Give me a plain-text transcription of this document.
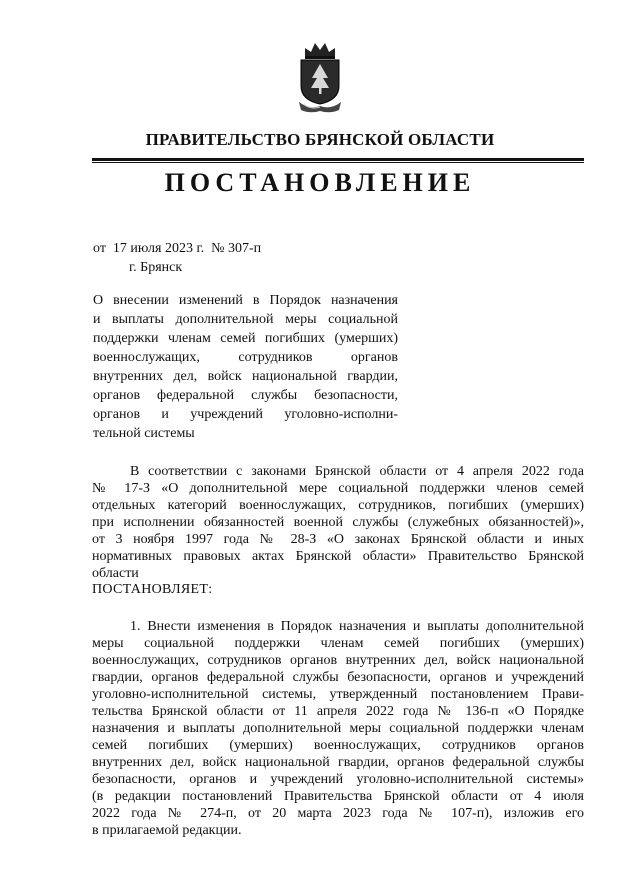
ПРАВИТЕЛЬСТВО БРЯНСКОЙ ОБЛАСТИ
ПОСТАНОВЛЕНИЕ
от  17 июля 2023 г.  № 307-п
г. Брянск
О внесении изменений в Порядок назначения
и выплаты дополнительной меры социальной
поддержки членам семей погибших (умерших)
военнослужащих, сотрудников органов
внутренних дел, войск национальной гвардии,
органов федеральной службы безопасности,
органов и учреждений уголовно-исполни-
тельной системы
В соответствии с законами Брянской области от 4 апреля 2022 года
№ 17-З «О дополнительной мере социальной поддержки членов семей
отдельных категорий военнослужащих, сотрудников, погибших (умерших)
при исполнении обязанностей военной службы (служебных обязанностей)»,
от 3 ноября 1997 года № 28-З «О законах Брянской области и иных
нормативных правовых актах Брянской области» Правительство Брянской
области
ПОСТАНОВЛЯЕТ:
1. Внести изменения в Порядок назначения и выплаты дополнительной
меры социальной поддержки членам семей погибших (умерших)
военнослужащих, сотрудников органов внутренних дел, войск национальной
гвардии, органов федеральной службы безопасности, органов и учреждений
уголовно-исполнительной системы, утвержденный постановлением Прави-
тельства Брянской области от 11 апреля 2022 года № 136-п «О Порядке
назначения и выплаты дополнительной меры социальной поддержки членам
семей погибших (умерших) военнослужащих, сотрудников органов
внутренних дел, войск национальной гвардии, органов федеральной службы
безопасности, органов и учреждений уголовно-исполнительной системы»
(в редакции постановлений Правительства Брянской области от 4 июля
2022 года № 274-п, от 20 марта 2023 года № 107-п), изложив его
в прилагаемой редакции.
